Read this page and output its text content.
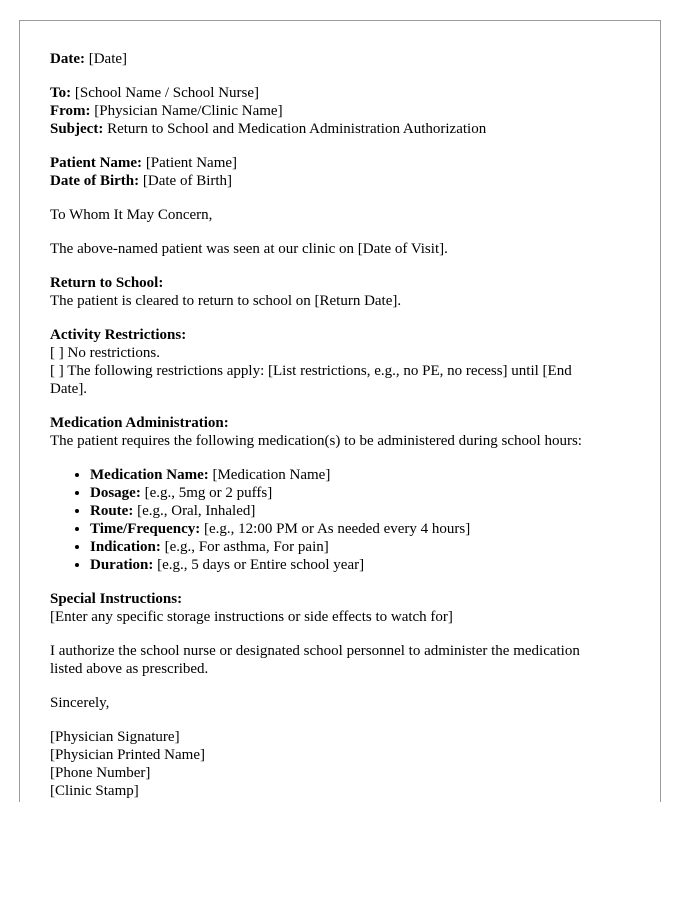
Date: [Date]
To: [School Name / School Nurse]
From: [Physician Name/Clinic Name]
Subject: Return to School and Medication Administration Authorization
Patient Name: [Patient Name]
Date of Birth: [Date of Birth]
To Whom It May Concern,
The above-named patient was seen at our clinic on [Date of Visit].
Return to School:
The patient is cleared to return to school on [Return Date].
Activity Restrictions:
[ ] No restrictions.
[ ] The following restrictions apply: [List restrictions, e.g., no PE, no recess] until [End
Date].
Medication Administration:
The patient requires the following medication(s) to be administered during school hours:
• Medication Name: [Medication Name]
• Dosage: [e.g., 5mg or 2 puffs]
• Route: [e.g., Oral, Inhaled]
• Time/Frequency: [e.g., 12:00 PM or As needed every 4 hours]
• Indication: [e.g., For asthma, For pain]
• Duration: [e.g., 5 days or Entire school year]
Special Instructions:
[Enter any specific storage instructions or side effects to watch for]
I authorize the school nurse or designated school personnel to administer the medication
listed above as prescribed.
Sincerely,
[Physician Signature]
[Physician Printed Name]
[Phone Number]
[Clinic Stamp]
